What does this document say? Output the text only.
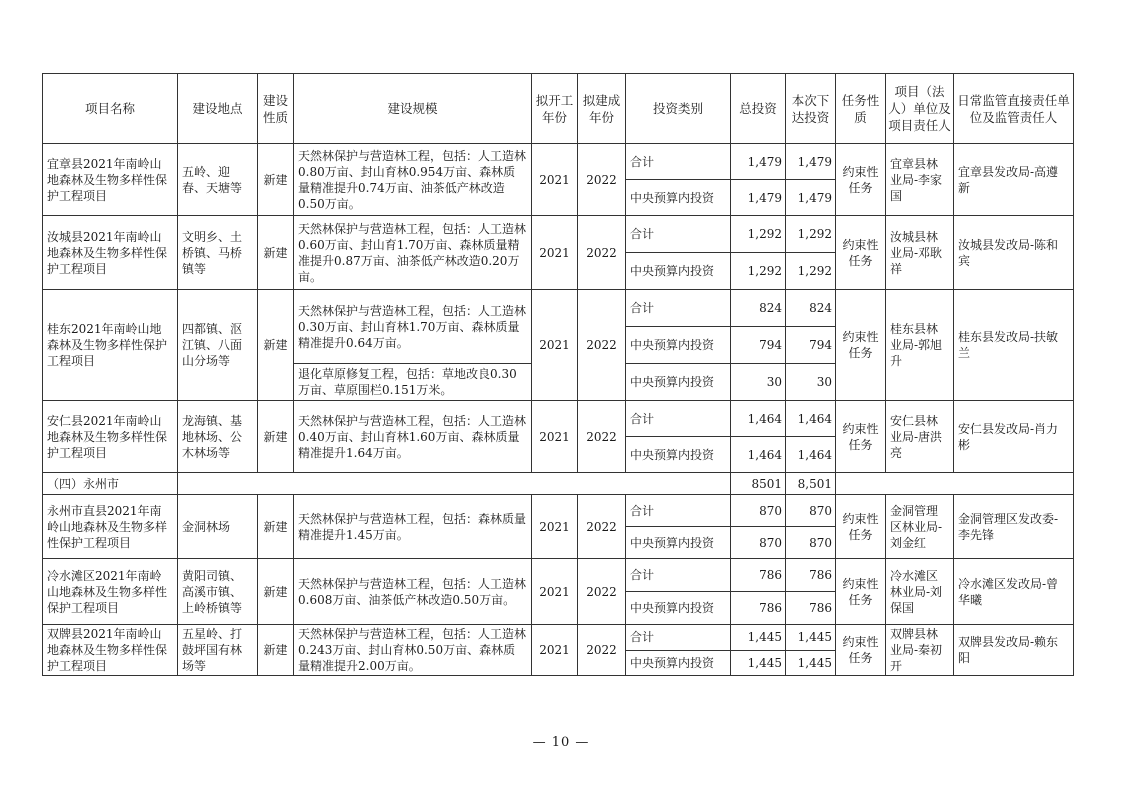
项目名称	建设地点	建设性质	建设规模	拟开工年份	拟建成年份	投资类别	总投资	本次下达投资	任务性质	项目（法人）单位及项目责任人	日常监管直接责任单位及监管责任人
宜章县2021年南岭山地森林及生物多样性保护工程项目	五岭、迎春、天塘等	新建	天然林保护与营造林工程，包括：人工造林0.80万亩、封山育林0.954万亩、森林质量精准提升0.74万亩、油茶低产林改造0.50万亩。	2021	2022	合计	1,479	1,479	约束性任务	宜章县林业局-李家国	宜章县发改局-高遵新
						中央预算内投资	1,479	1,479			
汝城县2021年南岭山地森林及生物多样性保护工程项目	文明乡、土桥镇、马桥镇等	新建	天然林保护与营造林工程，包括：人工造林0.60万亩、封山育1.70万亩、森林质量精准提升0.87万亩、油茶低产林改造0.20万亩。	2021	2022	合计	1,292	1,292	约束性任务	汝城县林业局-邓耿祥	汝城县发改局-陈和宾
						中央预算内投资	1,292	1,292			
桂东2021年南岭山地森林及生物多样性保护工程项目	四都镇、沤江镇、八面山分场等	新建	天然林保护与营造林工程，包括：人工造林0.30万亩、封山育林1.70万亩、森林质量精准提升0.64万亩。	2021	2022	合计	824	824	约束性任务	桂东县林业局-郭旭升	桂东县发改局-扶敏兰
						中央预算内投资	794	794			
			退化草原修复工程，包括：草地改良0.30万亩、草原围栏0.151万米。			中央预算内投资	30	30			
安仁县2021年南岭山地森林及生物多样性保护工程项目	龙海镇、基地林场、公木林场等	新建	天然林保护与营造林工程，包括：人工造林0.40万亩、封山育林1.60万亩、森林质量精准提升1.64万亩。	2021	2022	合计	1,464	1,464	约束性任务	安仁县林业局-唐洪亮	安仁县发改局-肖力彬
						中央预算内投资	1,464	1,464			
（四）永州市							8501	8,501			
永州市直县2021年南岭山地森林及生物多样性保护工程项目	金洞林场	新建	天然林保护与营造林工程，包括：森林质量精准提升1.45万亩。	2021	2022	合计	870	870	约束性任务	金洞管理区林业局-刘金红	金洞管理区发改委-李先锋
						中央预算内投资	870	870			
冷水滩区2021年南岭山地森林及生物多样性保护工程项目	黄阳司镇、高溪市镇、上岭桥镇等	新建	天然林保护与营造林工程，包括：人工造林0.608万亩、油茶低产林改造0.50万亩。	2021	2022	合计	786	786	约束性任务	冷水滩区林业局-刘保国	冷水滩区发改局-曾华曦
						中央预算内投资	786	786			
双牌县2021年南岭山地森林及生物多样性保护工程项目	五星岭、打鼓坪国有林场等	新建	天然林保护与营造林工程，包括：人工造林0.243万亩、封山育林0.50万亩、森林质量精准提升2.00万亩。	2021	2022	合计	1,445	1,445	约束性任务	双牌县林业局-秦初开	双牌县发改局-赖东阳
						中央预算内投资	1,445	1,445			
— 10 —
